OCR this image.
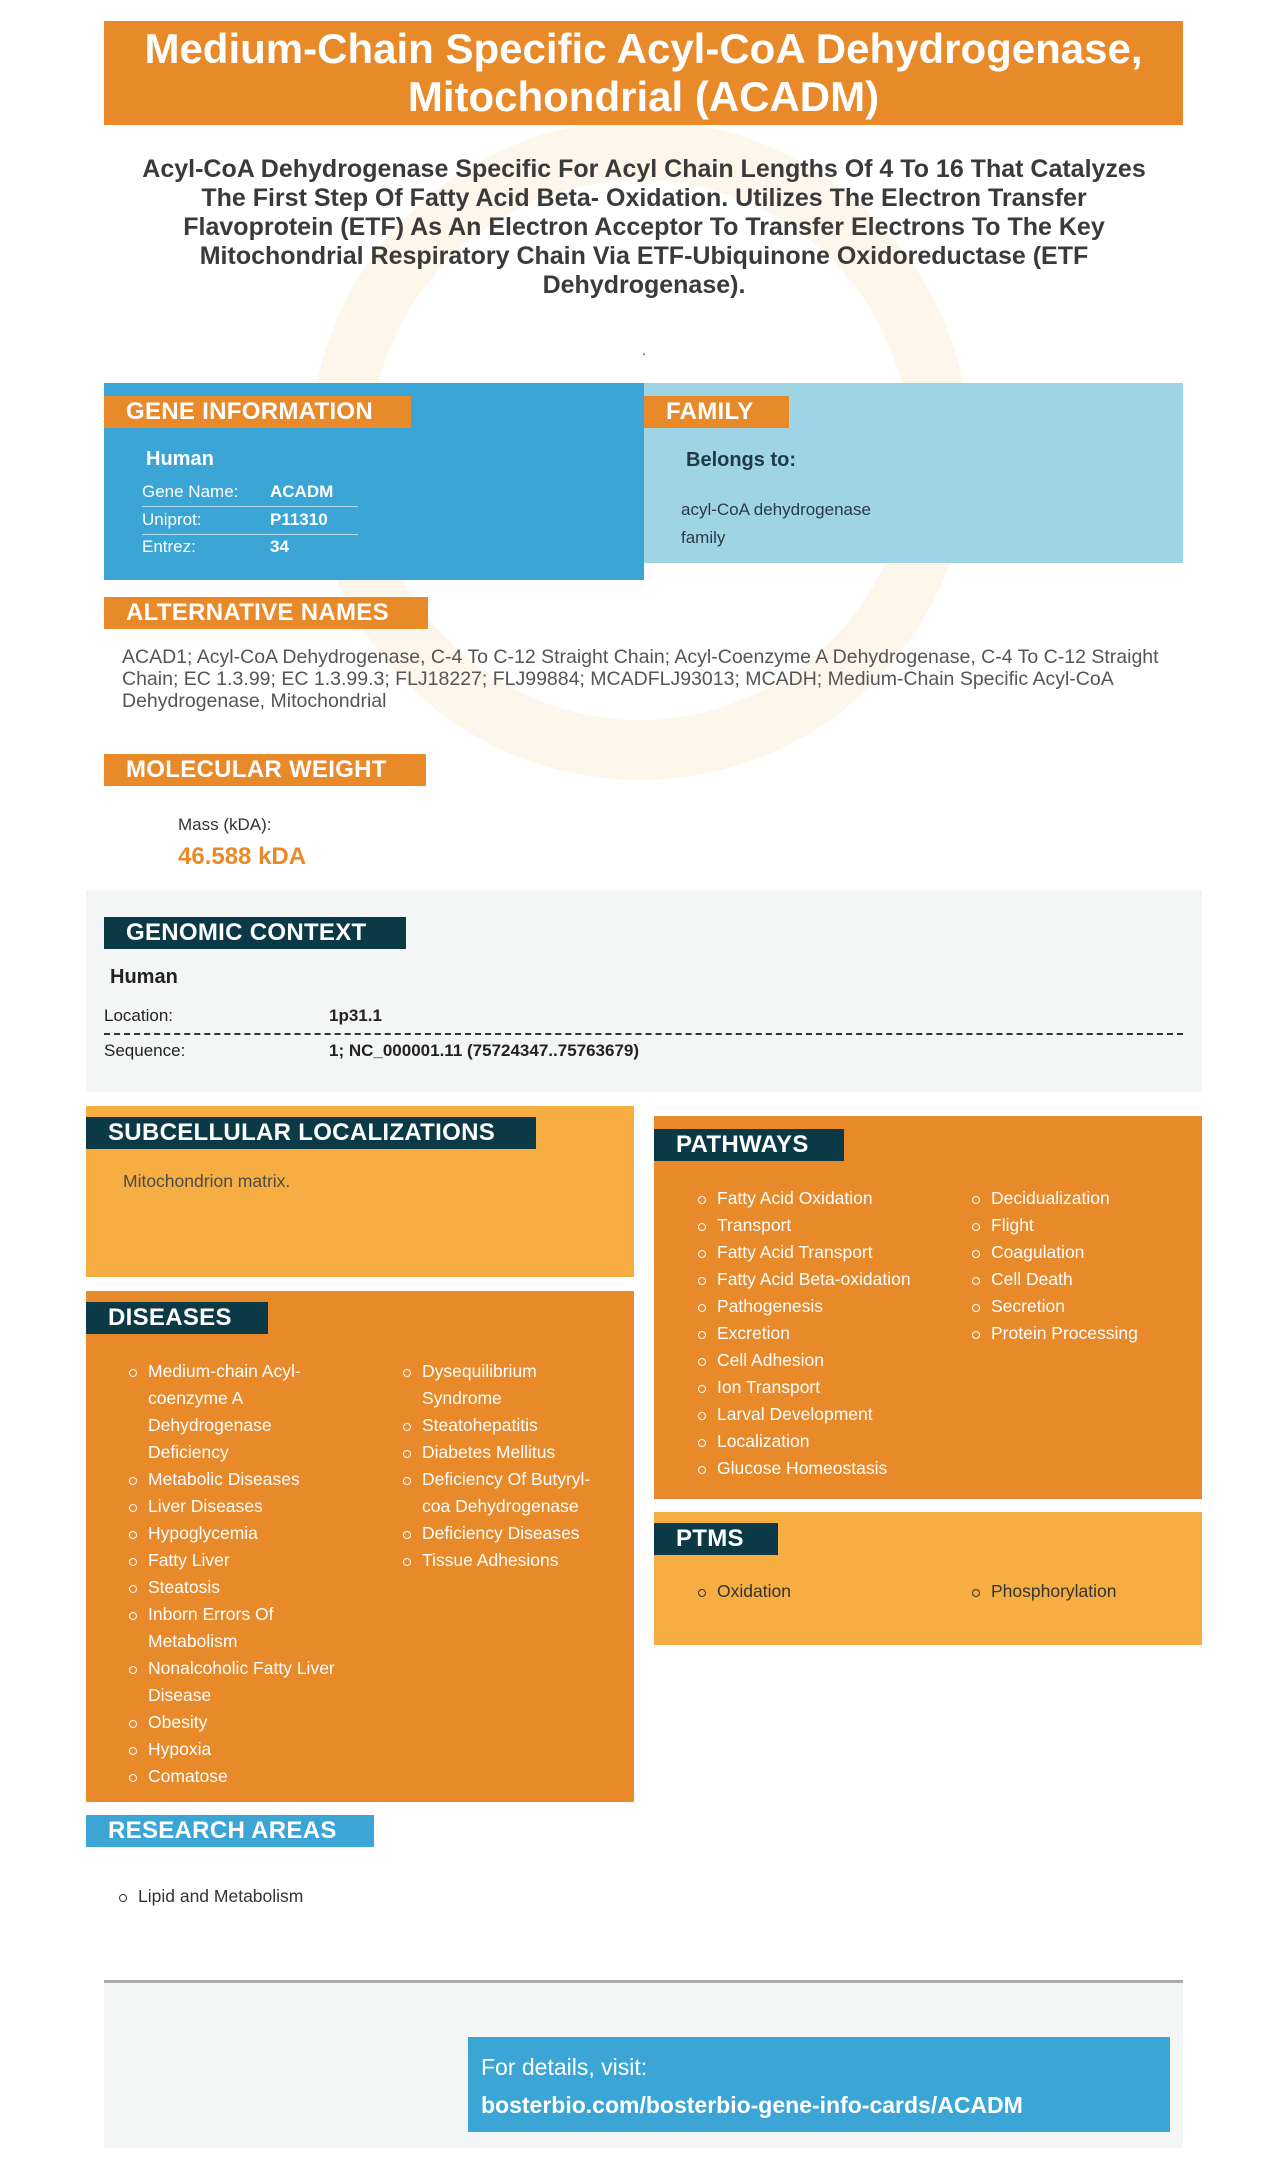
Medium-Chain Specific Acyl-CoA Dehydrogenase,
Mitochondrial (ACADM)
Acyl-CoA Dehydrogenase Specific For Acyl Chain Lengths Of 4 To 16 That Catalyzes The First Step Of Fatty Acid Beta- Oxidation. Utilizes The Electron Transfer Flavoprotein (ETF) As An Electron Acceptor To Transfer Electrons To The Key Mitochondrial Respiratory Chain Via ETF-Ubiquinone Oxidoreductase (ETF Dehydrogenase).
.
GENE INFORMATION
Human
Gene Name: ACADM
Uniprot:	P11310
Entrez:	34
FAMILY
Belongs to:
acyl-CoA dehydrogenase
family
ALTERNATIVE NAMES
ACAD1; Acyl-CoA Dehydrogenase, C-4 To C-12 Straight Chain; Acyl-Coenzyme A Dehydrogenase, C-4 To C-12 Straight Chain; EC 1.3.99; EC 1.3.99.3; FLJ18227; FLJ99884; MCADFLJ93013; MCADH; Medium-Chain Specific Acyl-CoA Dehydrogenase, Mitochondrial
MOLECULAR WEIGHT
Mass (kDA):
46.588 kDA
GENOMIC CONTEXT
Human
Location:	1p31.1
Sequence:	1; NC_000001.11 (75724347..75763679)
SUBCELLULAR LOCALIZATIONS
Mitochondrion matrix.
DISEASES
Medium-chain Acyl-coenzyme A Dehydrogenase Deficiency
Metabolic Diseases
Liver Diseases
Hypoglycemia
Fatty Liver
Steatosis
Inborn Errors Of Metabolism
Nonalcoholic Fatty Liver Disease
Obesity
Hypoxia
Comatose
Dysequilibrium Syndrome
Steatohepatitis
Diabetes Mellitus
Deficiency Of Butyryl-coa Dehydrogenase
Deficiency Diseases
Tissue Adhesions
PATHWAYS
Fatty Acid Oxidation
Transport
Fatty Acid Transport
Fatty Acid Beta-oxidation
Pathogenesis
Excretion
Cell Adhesion
Ion Transport
Larval Development
Localization
Glucose Homeostasis
Decidualization
Flight
Coagulation
Cell Death
Secretion
Protein Processing
PTMS
Oxidation	Phosphorylation
RESEARCH AREAS
Lipid and Metabolism
For details, visit:
bosterbio.com/bosterbio-gene-info-cards/ACADM
